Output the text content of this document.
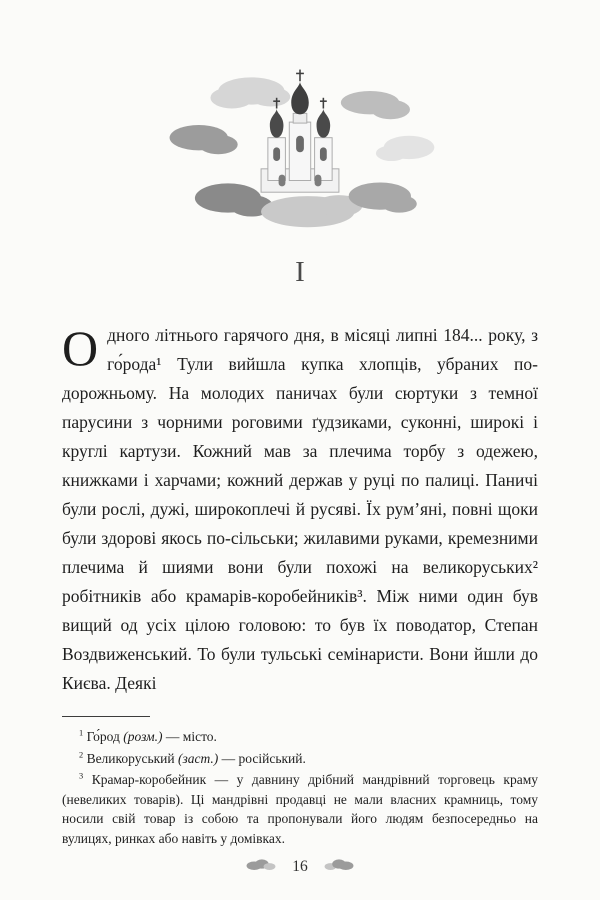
I

Одного літнього гарячого дня, в місяці липні 184... року, з го́рода¹ Тули вийшла купка хлопців, убраних по-дорожньому. На молодих паничах були сюртуки з темної парусини з чорними роговими ґудзиками, суконні, широкі і круглі картузи. Кожний мав за плечима торбу з одежею, книжками і харчами; кожний держав у руці по палиці. Паничі були рослі, дужі, широкоплечі й русяві. Їх рум’яні, повні щоки були здорові якось по-сільськи; жилавими руками, кремезними плечима й шиями вони були похожі на великоруських² робітників або крамарів-коробейників³. Між ними один був вищий од усіх цілою головою: то був їх поводатор, Степан Воздвиженський. То були тульські семінаристи. Вони йшли до Києва. Деякі

$^1$ Го́род (розм.) — місто.

$^2$ Великоруський (заст.) — російський.

$^3$ Крамар-коробейник — у давнину дрібний мандрівний торговець краму (невеликих товарів). Ці мандрівні продавці не мали власних крамниць, тому носили свій товар із собою та пропонували його людям безпосередньо на вулицях, ринках або навіть у домівках.

16
